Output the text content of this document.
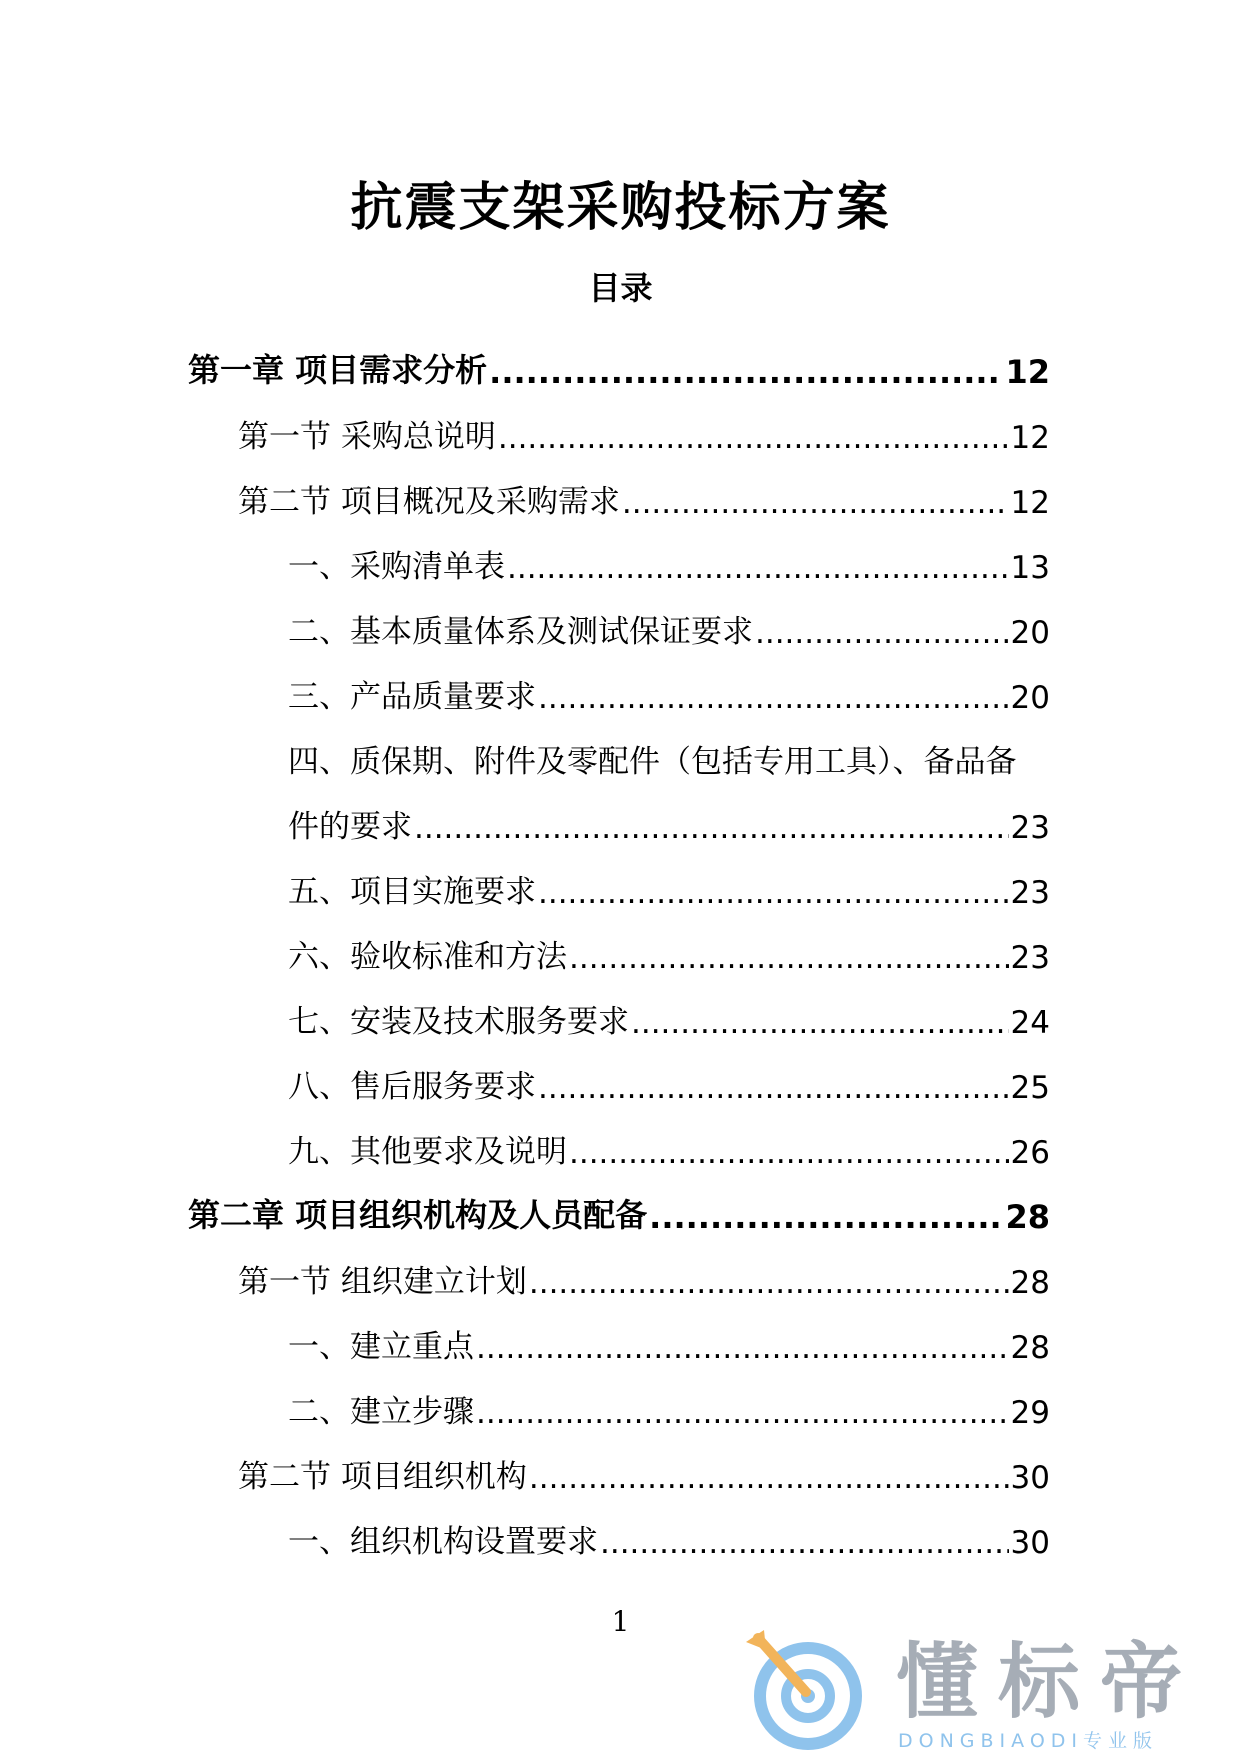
抗震支架采购投标方案
目录
第一章 项目需求分析 .....	12
第一节 采购总说明 .....	12
第二节 项目概况及采购需求 .....	12
一、采购清单表 .....	13
二、基本质量体系及测试保证要求 .....	20
三、产品质量要求 .....	20
四、质保期、附件及零配件（包括专用工具）、备品备
件的要求 .....	23
五、项目实施要求 .....	23
六、验收标准和方法 .....	23
七、安装及技术服务要求 .....	24
八、售后服务要求 .....	25
九、其他要求及说明 .....	26
第二章 项目组织机构及人员配备 .....	28
第一节 组织建立计划 .....	28
一、建立重点 .....	28
二、建立步骤 .....	29
第二节 项目组织机构 .....	30
一、组织机构设置要求 .....	30
1
懂标帝
DONGBIAODI专业版
